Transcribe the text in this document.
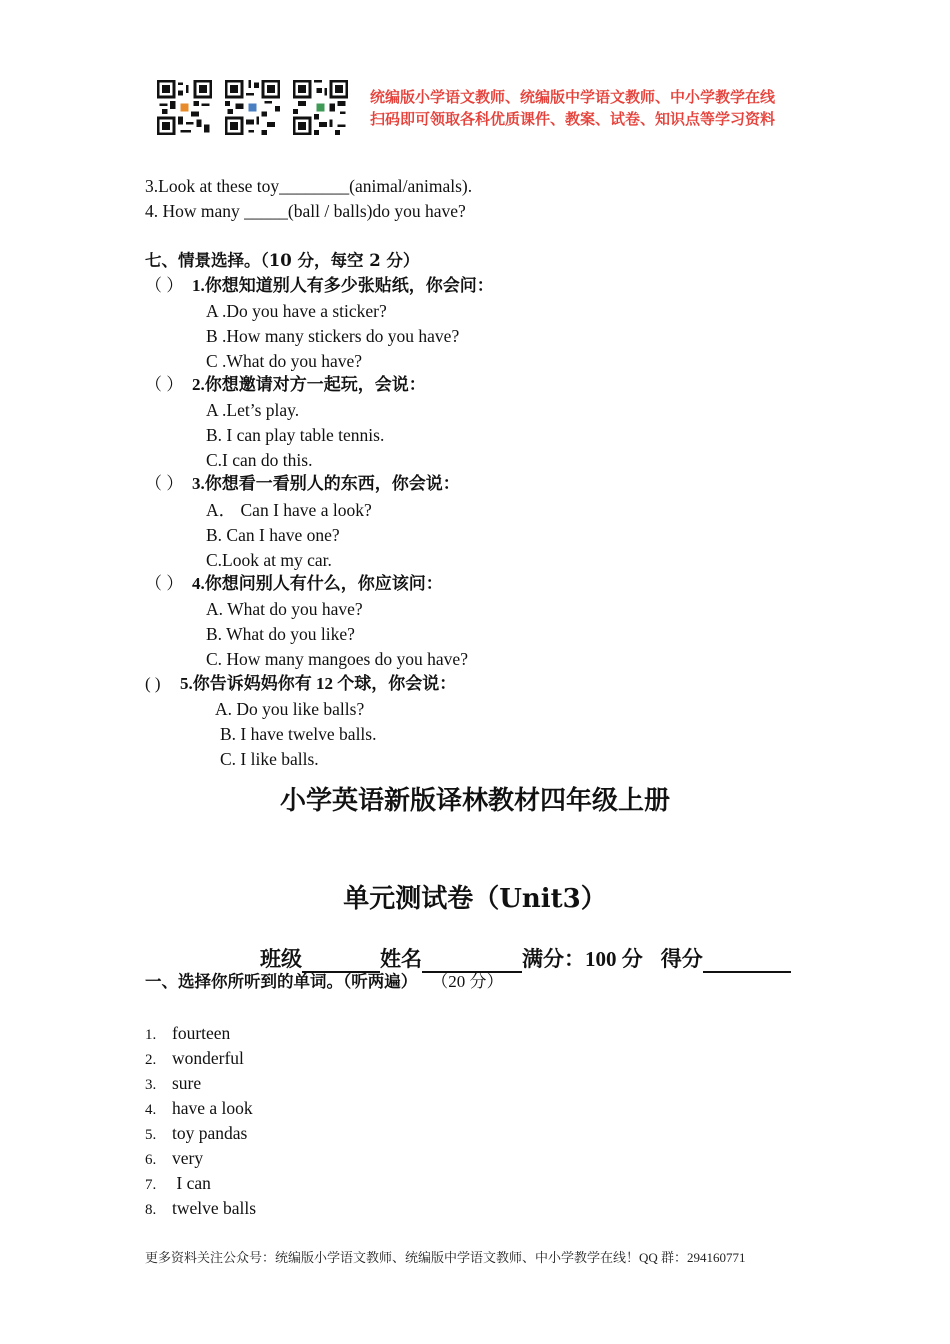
统编版小学语文教师、统编版中学语文教师、中小学教学在线
扫码即可领取各科优质课件、教案、试卷、知识点等学习资料
3.Look at these toy________(animal/animals).
4. How many _____(ball / balls)do you have?
七、情景选择。（10 分，每空 2 分）
（ ） 1.你想知道别人有多少张贴纸，你会问：
A .Do you have a sticker?
B .How many stickers do you have?
C .What do you have?
（ ） 2.你想邀请对方一起玩，会说：
A .Let’s play.
B. I can play table tennis.
C.I can do this.
（ ） 3.你想看一看别人的东西，你会说：
A． Can I have a look?
B. Can I have one?
C.Look at my car.
（ ） 4.你想问别人有什么，你应该问：
A. What do you have?
B. What do you like?
C. How many mangoes do you have?
( ) 5.你告诉妈妈你有 12 个球，你会说：
A. Do you like balls?
B. I have twelve balls.
C. I like balls.
小学英语新版译林教材四年级上册
单元测试卷（Unit3）
班级	姓名	满分：100 分 得分
一、选择你所听到的单词。（听两遍） （20 分）
1. fourteen
2. wonderful
3. sure
4. have a look
5. toy pandas
6. very
7. I can
8. twelve balls
更多资料关注公众号：统编版小学语文教师、统编版中学语文教师、中小学教学在线！QQ 群：294160771
